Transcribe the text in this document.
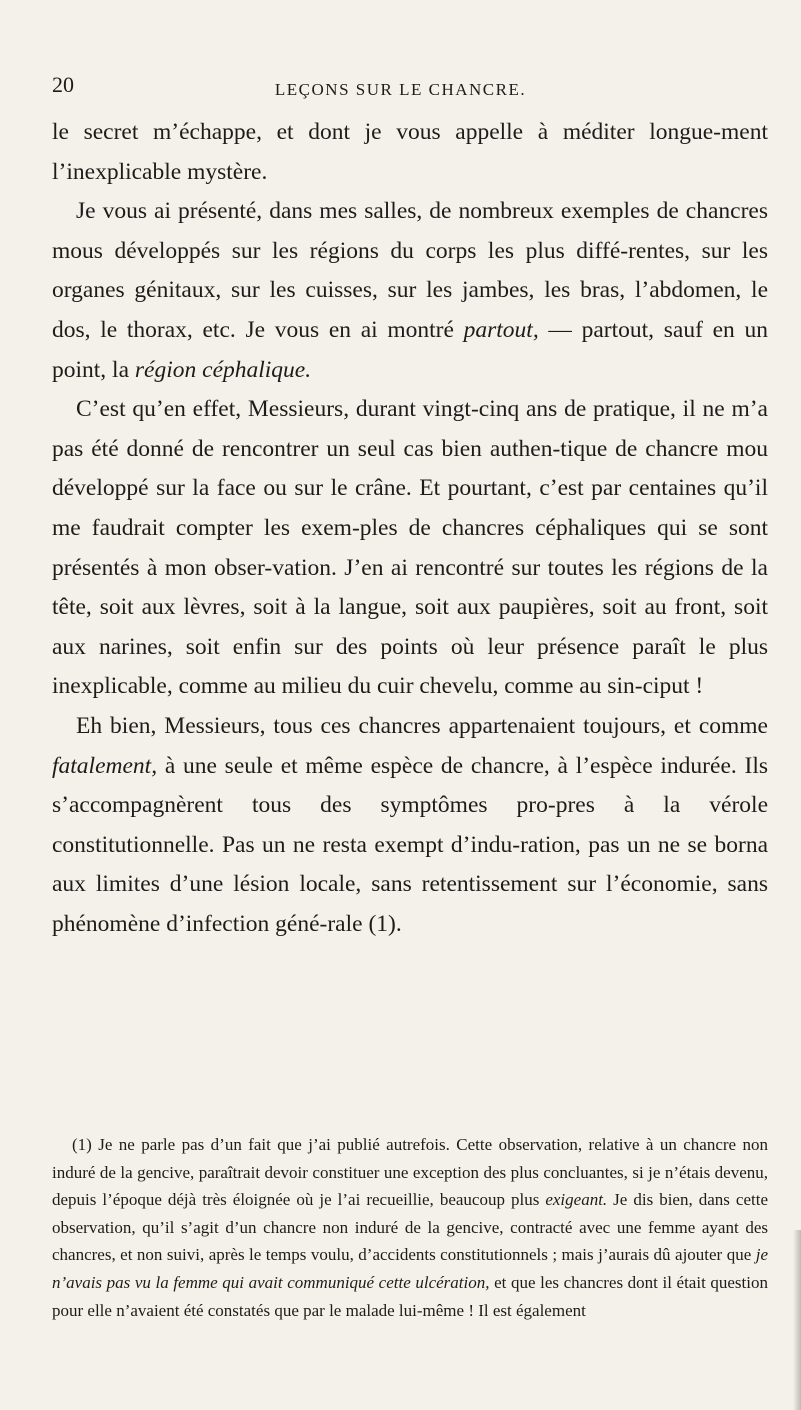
20	LEÇONS SUR LE CHANCRE.

le secret m’échappe, et dont je vous appelle à méditer longue-ment l’inexplicable mystère.

Je vous ai présenté, dans mes salles, de nombreux exemples de chancres mous développés sur les régions du corps les plus diffé-rentes, sur les organes génitaux, sur les cuisses, sur les jambes, les bras, l’abdomen, le dos, le thorax, etc. Je vous en ai montré partout, — partout, sauf en un point, la région céphalique.

C’est qu’en effet, Messieurs, durant vingt-cinq ans de pratique, il ne m’a pas été donné de rencontrer un seul cas bien authen-tique de chancre mou développé sur la face ou sur le crâne. Et pourtant, c’est par centaines qu’il me faudrait compter les exem-ples de chancres céphaliques qui se sont présentés à mon obser-vation. J’en ai rencontré sur toutes les régions de la tête, soit aux lèvres, soit à la langue, soit aux paupières, soit au front, soit aux narines, soit enfin sur des points où leur présence paraît le plus inexplicable, comme au milieu du cuir chevelu, comme au sin-ciput !

Eh bien, Messieurs, tous ces chancres appartenaient toujours, et comme fatalement, à une seule et même espèce de chancre, à l’espèce indurée. Ils s’accompagnèrent tous des symptômes pro-pres à la vérole constitutionnelle. Pas un ne resta exempt d’indu-ration, pas un ne se borna aux limites d’une lésion locale, sans retentissement sur l’économie, sans phénomène d’infection géné-rale (1).

(1) Je ne parle pas d’un fait que j’ai publié autrefois. Cette observation, relative à un chancre non induré de la gencive, paraîtrait devoir constituer une exception des plus concluantes, si je n’étais devenu, depuis l’époque déjà très éloignée où je l’ai recueillie, beaucoup plus exigeant. Je dis bien, dans cette observation, qu’il s’agit d’un chancre non induré de la gencive, contracté avec une femme ayant des chancres, et non suivi, après le temps voulu, d’accidents constitutionnels ; mais j’aurais dû ajouter que je n’avais pas vu la femme qui avait communiqué cette ulcération, et que les chancres dont il était question pour elle n’avaient été constatés que par le malade lui-même ! Il est également
